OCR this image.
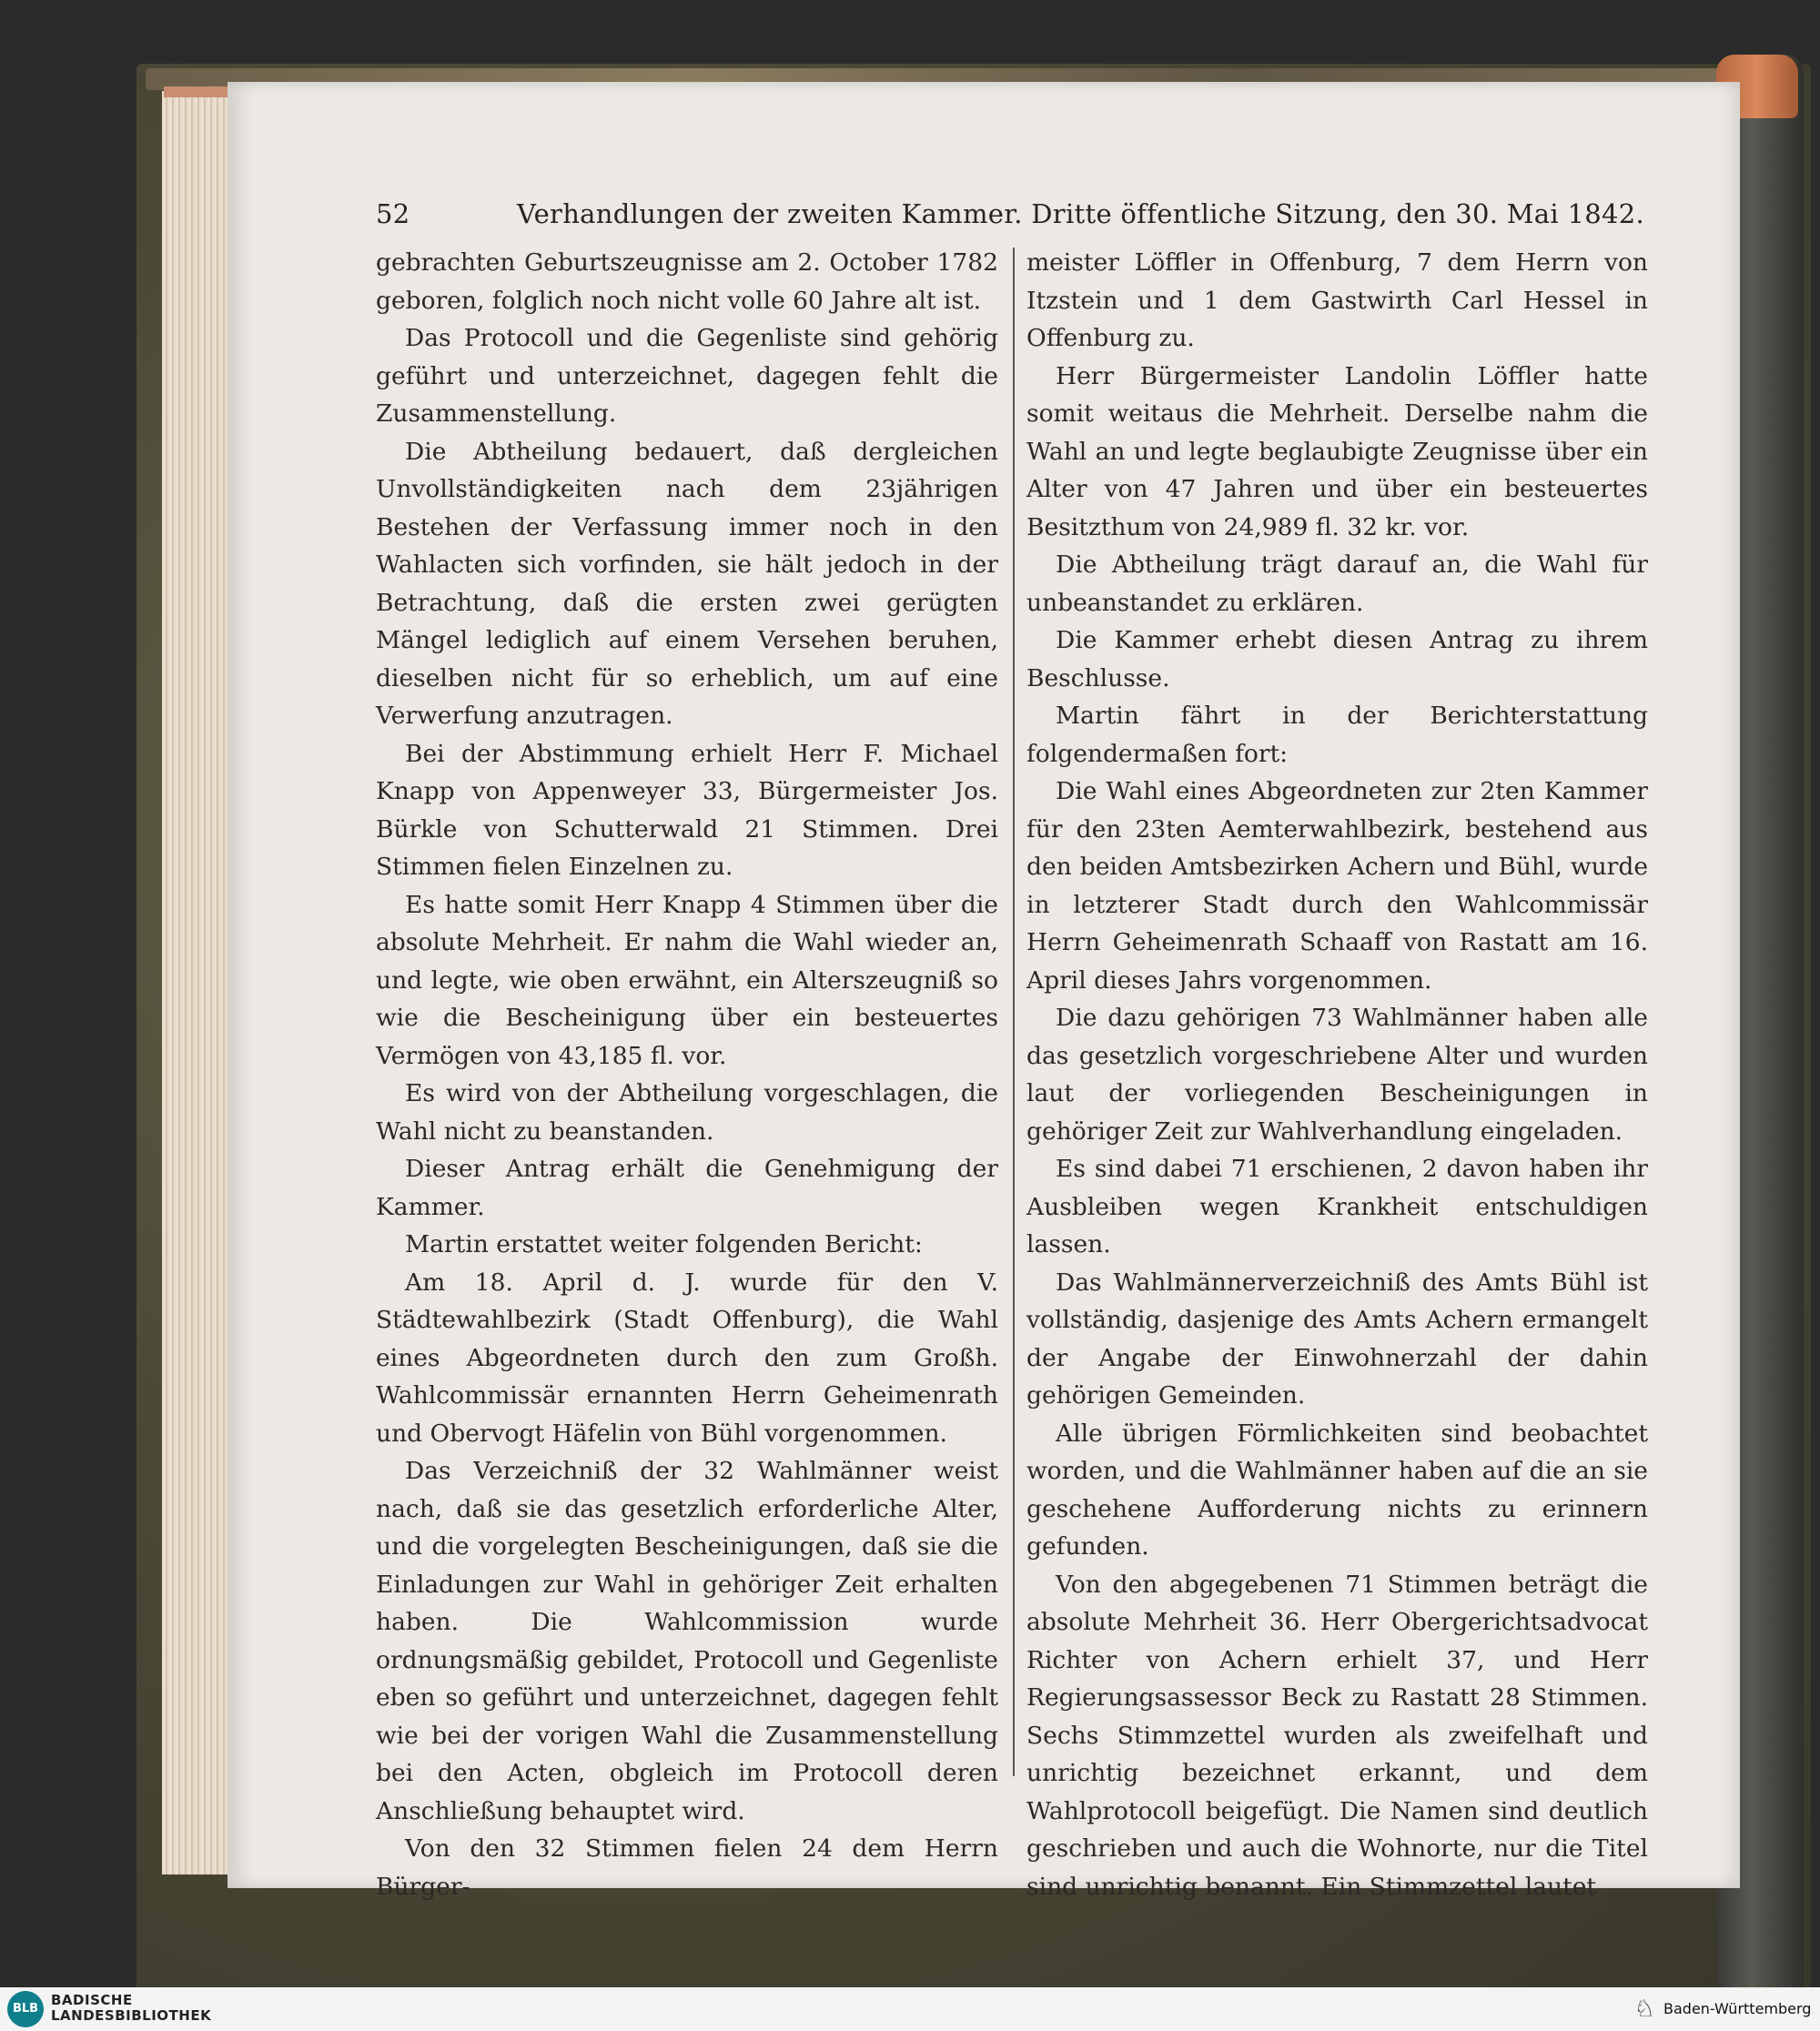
52	Verhandlungen der zweiten Kammer. Dritte öffentliche Sitzung, den 30. Mai 1842.

gebrachten Geburtszeugnisse am 2. October 1782 geboren, folglich noch nicht volle 60 Jahre alt ist.

Das Protocoll und die Gegenliste sind gehörig geführt und unterzeichnet, dagegen fehlt die Zusammenstellung.

Die Abtheilung bedauert, daß dergleichen Unvollständigkeiten nach dem 23jährigen Bestehen der Verfassung immer noch in den Wahlacten sich vorfinden, sie hält jedoch in der Betrachtung, daß die ersten zwei gerügten Mängel lediglich auf einem Versehen beruhen, dieselben nicht für so erheblich, um auf eine Verwerfung anzutragen.

Bei der Abstimmung erhielt Herr F. Michael Knapp von Appenweyer 33, Bürgermeister Jos. Bürkle von Schutterwald 21 Stimmen. Drei Stimmen fielen Einzelnen zu.

Es hatte somit Herr Knapp 4 Stimmen über die absolute Mehrheit. Er nahm die Wahl wieder an, und legte, wie oben erwähnt, ein Alterszeugniß so wie die Bescheinigung über ein besteuertes Vermögen von 43,185 fl. vor.

Es wird von der Abtheilung vorgeschlagen, die Wahl nicht zu beanstanden.

Dieser Antrag erhält die Genehmigung der Kammer.

Martin erstattet weiter folgenden Bericht:

Am 18. April d. J. wurde für den V. Städtewahlbezirk (Stadt Offenburg), die Wahl eines Abgeordneten durch den zum Großh. Wahlcommissär ernannten Herrn Geheimenrath und Obervogt Häfelin von Bühl vorgenommen.

Das Verzeichniß der 32 Wahlmänner weist nach, daß sie das gesetzlich erforderliche Alter, und die vorgelegten Bescheinigungen, daß sie die Einladungen zur Wahl in gehöriger Zeit erhalten haben. Die Wahlcommission wurde ordnungsmäßig gebildet, Protocoll und Gegenliste eben so geführt und unterzeichnet, dagegen fehlt wie bei der vorigen Wahl die Zusammenstellung bei den Acten, obgleich im Protocoll deren Anschließung behauptet wird.

Von den 32 Stimmen fielen 24 dem Herrn Bürger-

meister Löffler in Offenburg, 7 dem Herrn von Itzstein und 1 dem Gastwirth Carl Hessel in Offenburg zu.

Herr Bürgermeister Landolin Löffler hatte somit weitaus die Mehrheit. Derselbe nahm die Wahl an und legte beglaubigte Zeugnisse über ein Alter von 47 Jahren und über ein besteuertes Besitzthum von 24,989 fl. 32 kr. vor.

Die Abtheilung trägt darauf an, die Wahl für unbeanstandet zu erklären.

Die Kammer erhebt diesen Antrag zu ihrem Beschlusse.

Martin fährt in der Berichterstattung folgendermaßen fort:

Die Wahl eines Abgeordneten zur 2ten Kammer für den 23ten Aemterwahlbezirk, bestehend aus den beiden Amtsbezirken Achern und Bühl, wurde in letzterer Stadt durch den Wahlcommissär Herrn Geheimenrath Schaaff von Rastatt am 16. April dieses Jahrs vorgenommen.

Die dazu gehörigen 73 Wahlmänner haben alle das gesetzlich vorgeschriebene Alter und wurden laut der vorliegenden Bescheinigungen in gehöriger Zeit zur Wahlverhandlung eingeladen.

Es sind dabei 71 erschienen, 2 davon haben ihr Ausbleiben wegen Krankheit entschuldigen lassen.

Das Wahlmännerverzeichniß des Amts Bühl ist vollständig, dasjenige des Amts Achern ermangelt der Angabe der Einwohnerzahl der dahin gehörigen Gemeinden.

Alle übrigen Förmlichkeiten sind beobachtet worden, und die Wahlmänner haben auf die an sie geschehene Aufforderung nichts zu erinnern gefunden.

Von den abgegebenen 71 Stimmen beträgt die absolute Mehrheit 36. Herr Obergerichtsadvocat Richter von Achern erhielt 37, und Herr Regierungsassessor Beck zu Rastatt 28 Stimmen. Sechs Stimmzettel wurden als zweifelhaft und unrichtig bezeichnet erkannt, und dem Wahlprotocoll beigefügt. Die Namen sind deutlich geschrieben und auch die Wohnorte, nur die Titel sind unrichtig benannt. Ein Stimmzettel lautet

BLB
BADISCHE
LANDESBIBLIOTHEK	♘ Baden-Württemberg
